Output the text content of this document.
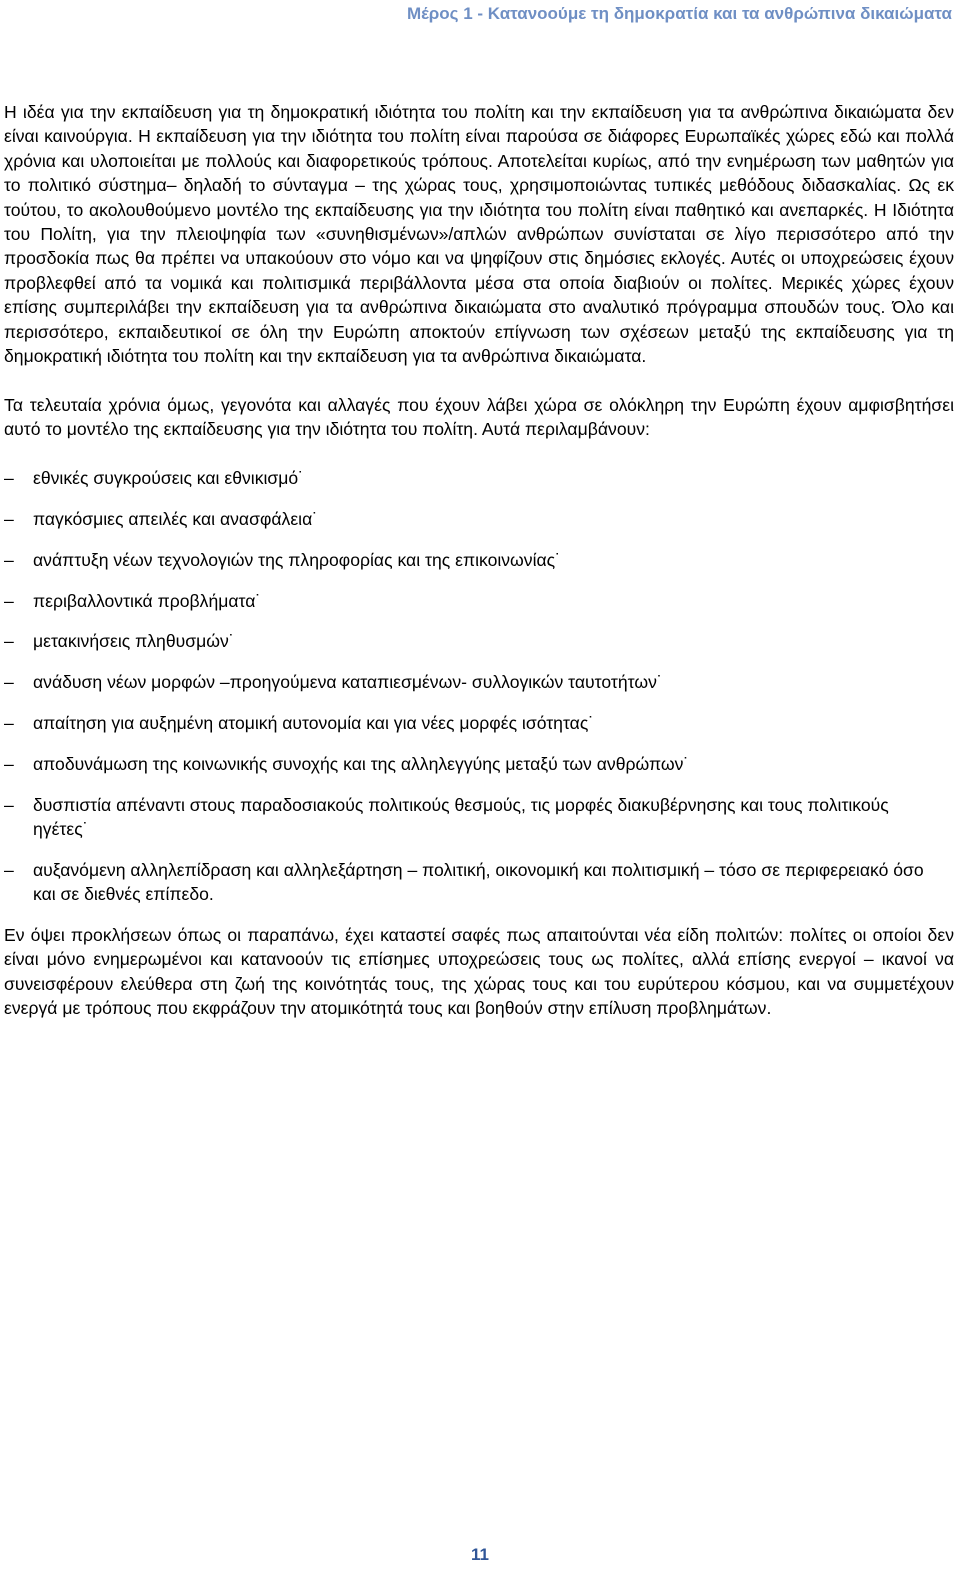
Μέρος 1 - Κατανοούμε τη δημοκρατία και τα ανθρώπινα δικαιώματα

Η ιδέα για την εκπαίδευση για τη δημοκρατική ιδιότητα του πολίτη και την εκπαίδευση για τα ανθρώπινα δικαιώματα δεν είναι καινούργια. Η εκπαίδευση για την ιδιότητα του πολίτη είναι παρούσα σε διάφορες Ευρωπαϊκές χώρες εδώ και πολλά χρόνια και υλοποιείται με πολλούς και διαφορετικούς τρόπους. Αποτελείται κυρίως, από την ενημέρωση των μαθητών για το πολιτικό σύστημα– δηλαδή το σύνταγμα – της χώρας τους, χρησιμοποιώντας τυπικές μεθόδους διδασκαλίας. Ως εκ τούτου, το ακολουθούμενο μοντέλο της εκπαίδευσης για την ιδιότητα του πολίτη είναι παθητικό και ανεπαρκές. Η Ιδιότητα του Πολίτη, για την πλειοψηφία των «συνηθισμένων»/απλών ανθρώπων συνίσταται σε λίγο περισσότερο από την προσδοκία πως θα πρέπει να υπακούουν στο νόμο και να ψηφίζουν στις δημόσιες εκλογές. Αυτές οι υποχρεώσεις έχουν προβλεφθεί από τα νομικά και πολιτισμικά περιβάλλοντα μέσα στα οποία διαβιούν οι πολίτες. Μερικές χώρες έχουν επίσης συμπεριλάβει την εκπαίδευση για τα ανθρώπινα δικαιώματα στο αναλυτικό πρόγραμμα σπουδών τους. Όλο και περισσότερο, εκπαιδευτικοί σε όλη την Ευρώπη αποκτούν επίγνωση των σχέσεων μεταξύ της εκπαίδευσης για τη δημοκρατική ιδιότητα του πολίτη και την εκπαίδευση για τα ανθρώπινα δικαιώματα.

Τα τελευταία χρόνια όμως, γεγονότα και αλλαγές που έχουν λάβει χώρα σε ολόκληρη την Ευρώπη έχουν αμφισβητήσει αυτό το μοντέλο της εκπαίδευσης για την ιδιότητα του πολίτη. Αυτά περιλαμβάνουν:

– εθνικές συγκρούσεις και εθνικισμό˙
– παγκόσμιες απειλές και ανασφάλεια˙
– ανάπτυξη νέων τεχνολογιών της πληροφορίας και της επικοινωνίας˙
– περιβαλλοντικά προβλήματα˙
– μετακινήσεις πληθυσμών˙
– ανάδυση νέων μορφών –προηγούμενα καταπιεσμένων- συλλογικών ταυτοτήτων˙
– απαίτηση για αυξημένη ατομική αυτονομία και για νέες μορφές ισότητας˙
– αποδυνάμωση της κοινωνικής συνοχής και της αλληλεγγύης μεταξύ των ανθρώπων˙
– δυσπιστία απέναντι στους παραδοσιακούς πολιτικούς θεσμούς, τις μορφές διακυβέρνησης και τους πολιτικούς ηγέτες˙
– αυξανόμενη αλληλεπίδραση και αλληλεξάρτηση – πολιτική, οικονομική και πολιτισμική – τόσο σε περιφερειακό όσο και σε διεθνές επίπεδο.

Εν όψει προκλήσεων όπως οι παραπάνω, έχει καταστεί σαφές πως απαιτούνται νέα είδη πολιτών: πολίτες οι οποίοι δεν είναι μόνο ενημερωμένοι και κατανοούν τις επίσημες υποχρεώσεις τους ως πολίτες, αλλά επίσης ενεργοί – ικανοί να συνεισφέρουν ελεύθερα στη ζωή της κοινότητάς τους, της χώρας τους και του ευρύτερου κόσμου, και να συμμετέχουν ενεργά με τρόπους που εκφράζουν την ατομικότητά τους και βοηθούν στην επίλυση προβλημάτων.

11
